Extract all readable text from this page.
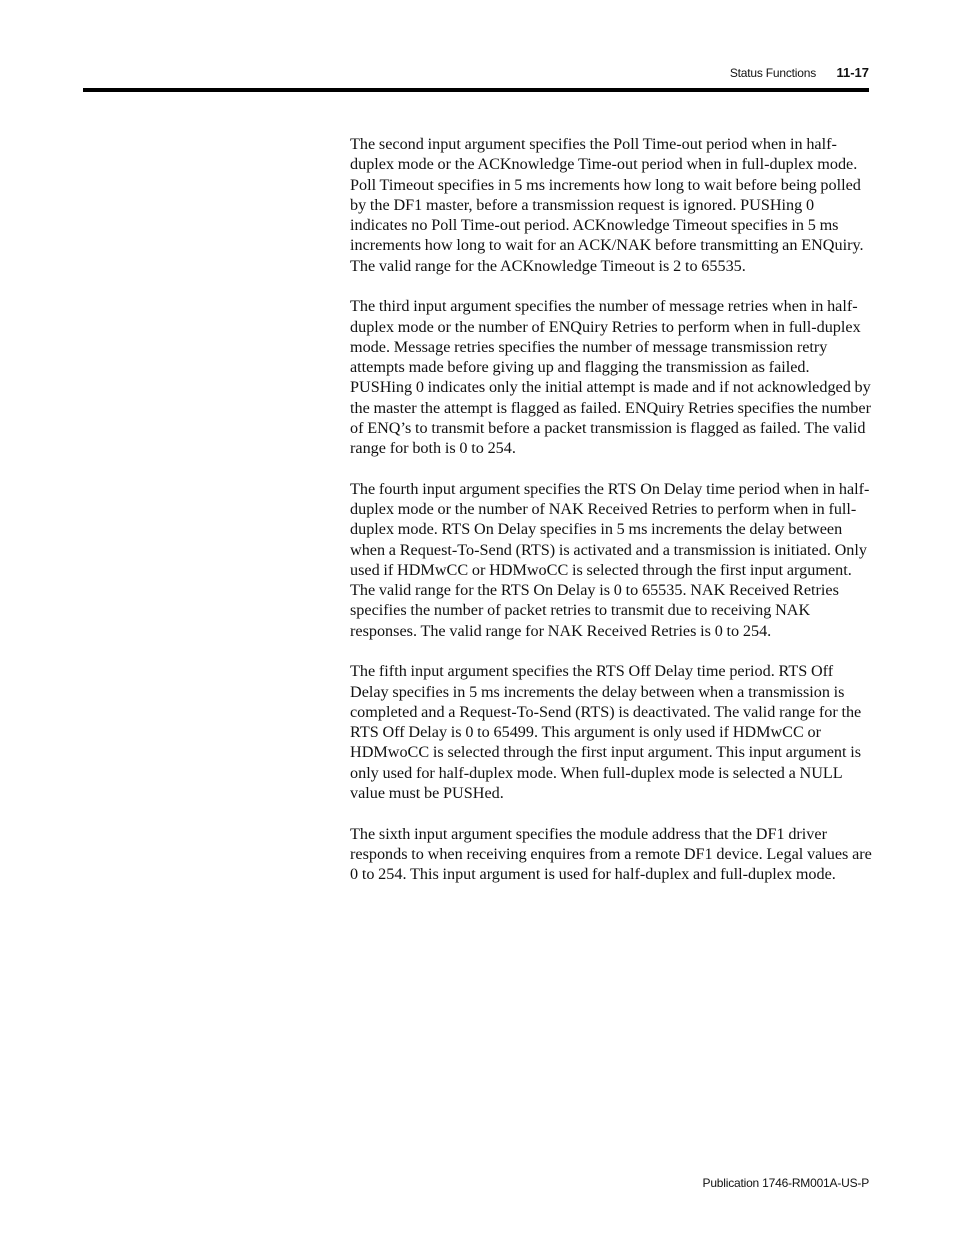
Status Functions 11-17

The second input argument specifies the Poll Time-out period when in half-duplex mode or the ACKnowledge Time-out period when in full-duplex mode. Poll Timeout specifies in 5 ms increments how long to wait before being polled by the DF1 master, before a transmission request is ignored. PUSHing 0 indicates no Poll Time-out period. ACKnowledge Timeout specifies in 5 ms increments how long to wait for an ACK/NAK before transmitting an ENQuiry. The valid range for the ACKnowledge Timeout is 2 to 65535.

The third input argument specifies the number of message retries when in half-duplex mode or the number of ENQuiry Retries to perform when in full-duplex mode. Message retries specifies the number of message transmission retry attempts made before giving up and flagging the transmission as failed. PUSHing 0 indicates only the initial attempt is made and if not acknowledged by the master the attempt is flagged as failed. ENQuiry Retries specifies the number of ENQ’s to transmit before a packet transmission is flagged as failed. The valid range for both is 0 to 254.

The fourth input argument specifies the RTS On Delay time period when in half-duplex mode or the number of NAK Received Retries to perform when in full-duplex mode. RTS On Delay specifies in 5 ms increments the delay between when a Request-To-Send (RTS) is activated and a transmission is initiated. Only used if HDMwCC or HDMwoCC is selected through the first input argument. The valid range for the RTS On Delay is 0 to 65535. NAK Received Retries specifies the number of packet retries to transmit due to receiving NAK responses. The valid range for NAK Received Retries is 0 to 254.

The fifth input argument specifies the RTS Off Delay time period. RTS Off Delay specifies in 5 ms increments the delay between when a transmission is completed and a Request-To-Send (RTS) is deactivated. The valid range for the RTS Off Delay is 0 to 65499. This argument is only used if HDMwCC or HDMwoCC is selected through the first input argument. This input argument is only used for half-duplex mode. When full-duplex mode is selected a NULL value must be PUSHed.

The sixth input argument specifies the module address that the DF1 driver responds to when receiving enquires from a remote DF1 device. Legal values are 0 to 254. This input argument is used for half-duplex and full-duplex mode.

Publication 1746-RM001A-US-P
